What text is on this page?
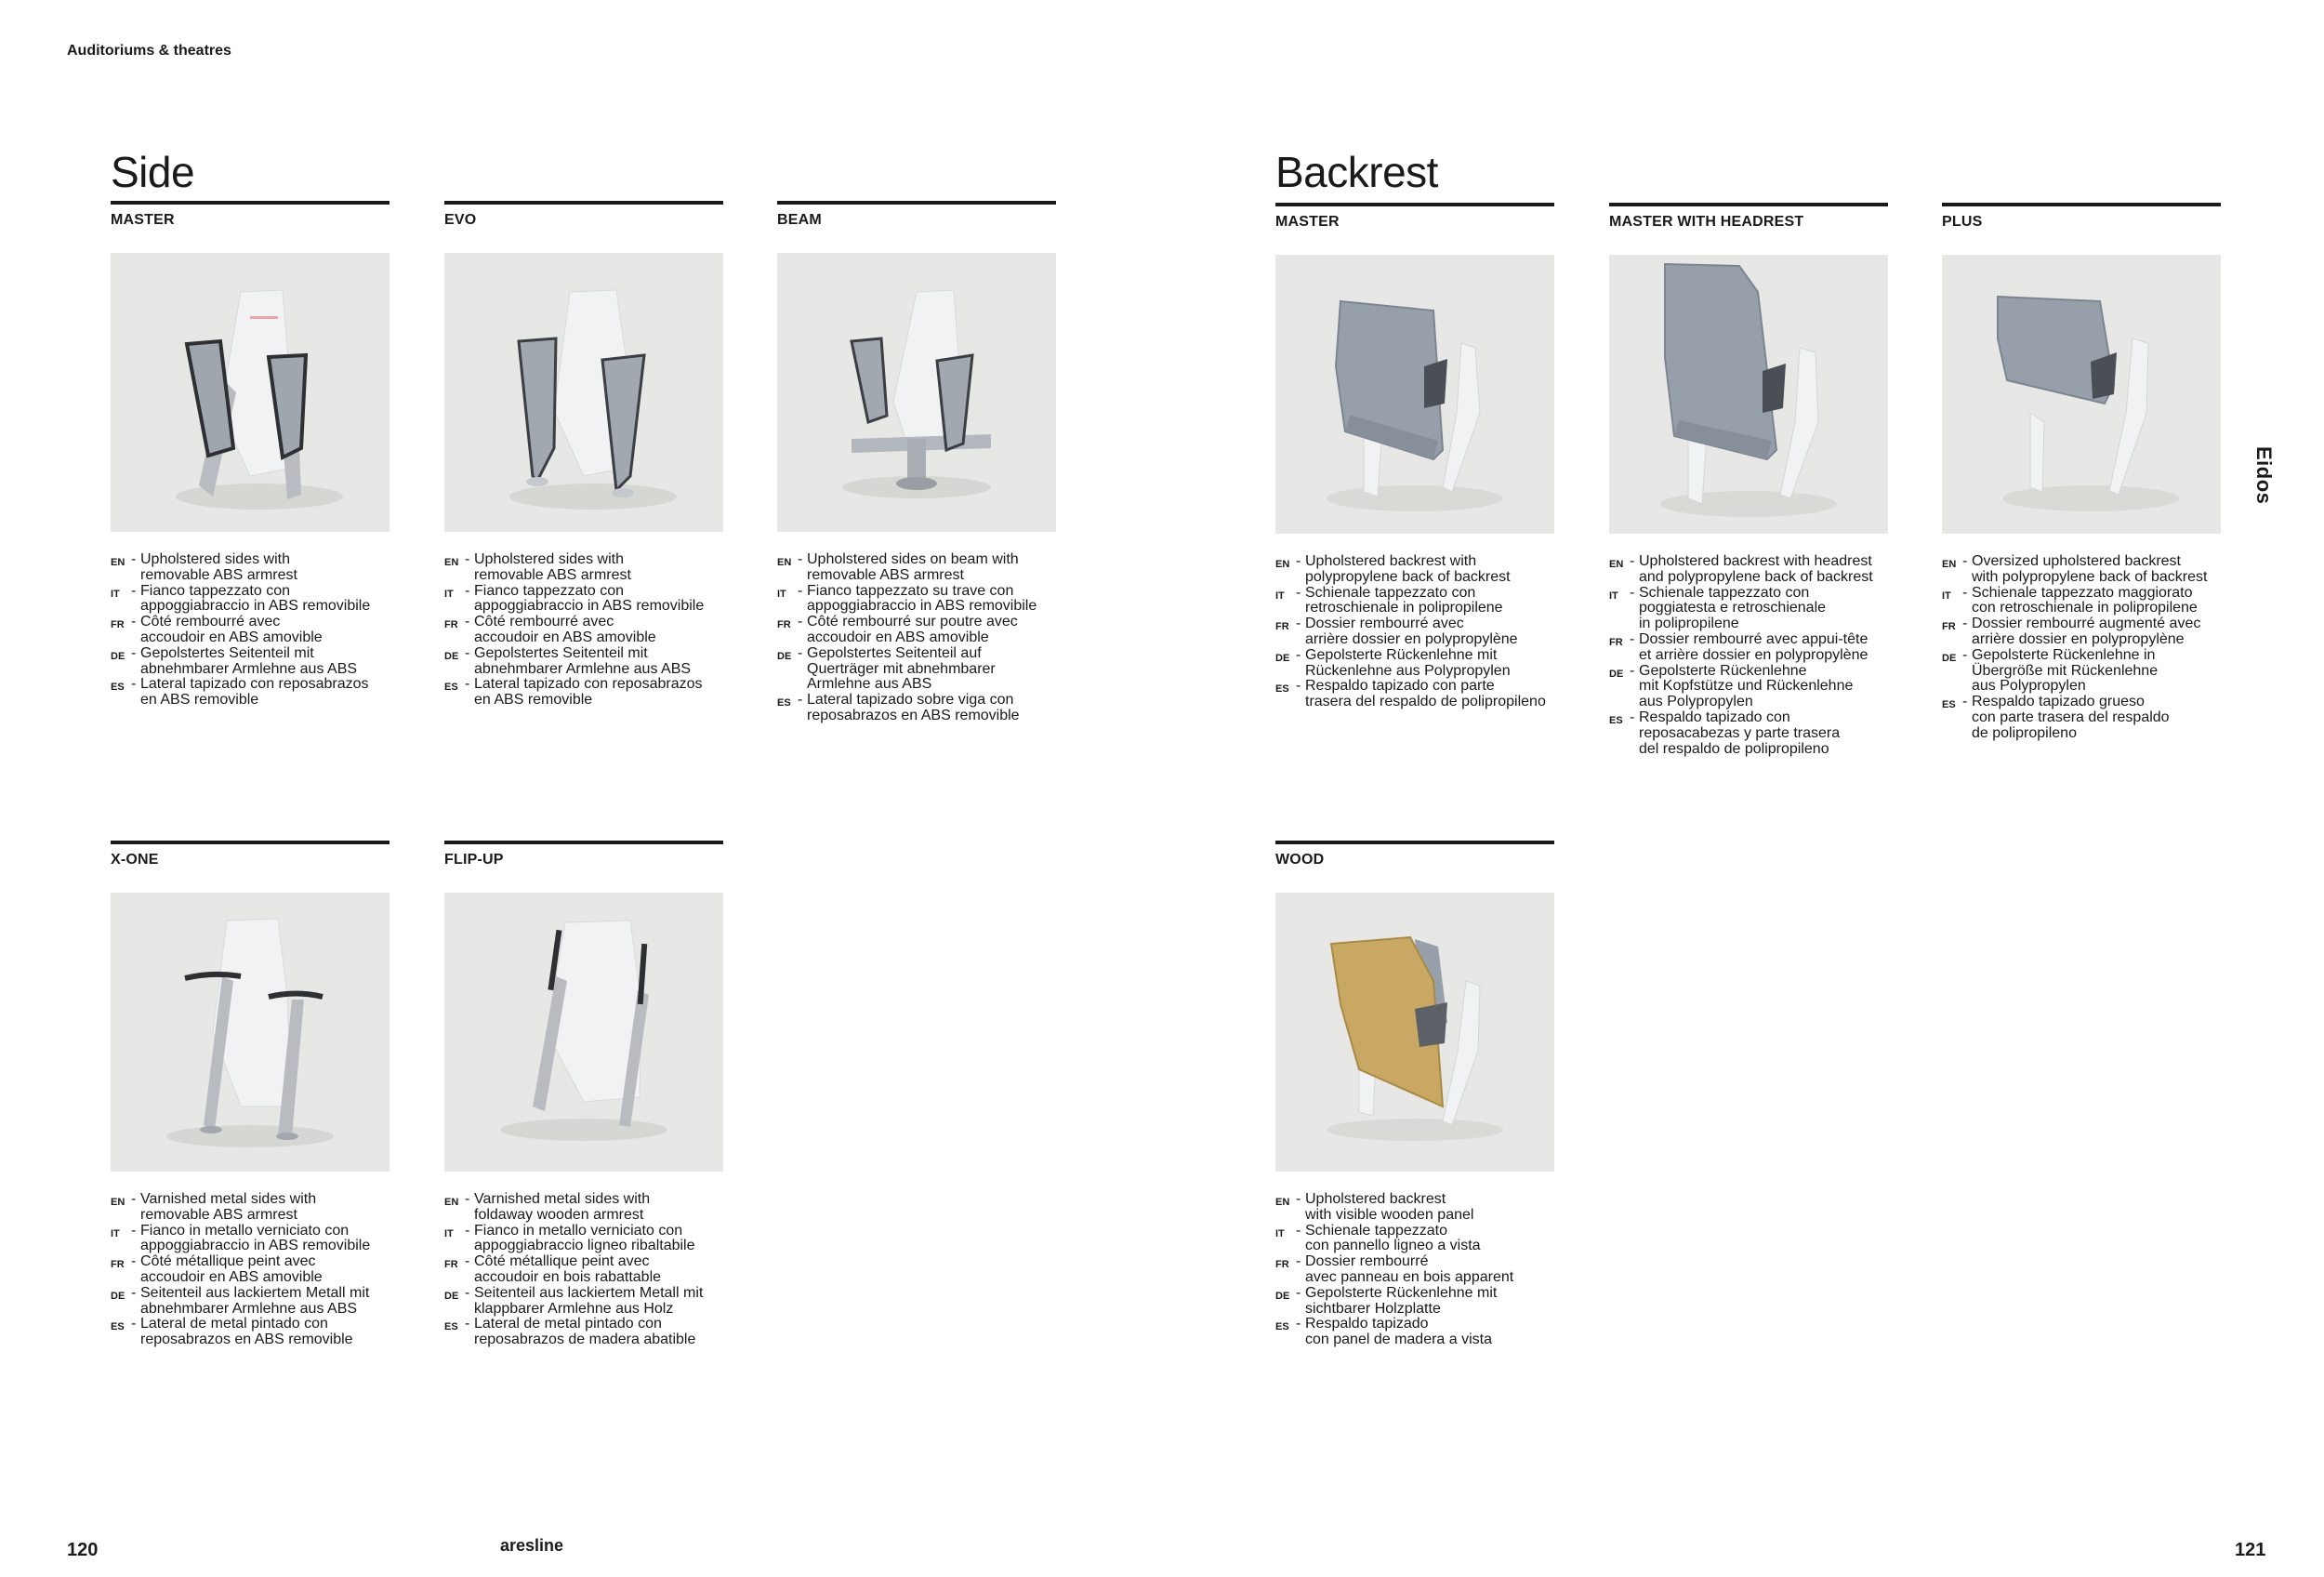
Auditoriums & theatres
Side	Backrest
MASTER
EN - Upholstered sides with
removable ABS armrest
IT - Fianco tappezzato con
appoggiabraccio in ABS removibile
FR - Côté rembourré avec
accoudoir en ABS amovible
DE - Gepolstertes Seitenteil mit
abnehmbarer Armlehne aus ABS
ES - Lateral tapizado con reposabrazos
en ABS removible
EVO
EN - Upholstered sides with
removable ABS armrest
IT - Fianco tappezzato con
appoggiabraccio in ABS removibile
FR - Côté rembourré avec
accoudoir en ABS amovible
DE - Gepolstertes Seitenteil mit
abnehmbarer Armlehne aus ABS
ES - Lateral tapizado con reposabrazos
en ABS removible
BEAM
EN - Upholstered sides on beam with
removable ABS armrest
IT - Fianco tappezzato su trave con
appoggiabraccio in ABS removibile
FR - Côté rembourré sur poutre avec
accoudoir en ABS amovible
DE - Gepolstertes Seitenteil auf
Querträger mit abnehmbarer
Armlehne aus ABS
ES - Lateral tapizado sobre viga con
reposabrazos en ABS removible
MASTER
EN - Upholstered backrest with
polypropylene back of backrest
IT - Schienale tappezzato con
retroschienale in polipropilene
FR - Dossier rembourré avec
arrière dossier en polypropylène
DE - Gepolsterte Rückenlehne mit
Rückenlehne aus Polypropylen
ES - Respaldo tapizado con parte
trasera del respaldo de polipropileno
MASTER WITH HEADREST
EN - Upholstered backrest with headrest
and polypropylene back of backrest
IT - Schienale tappezzato con
poggiatesta e retroschienale
in polipropilene
FR - Dossier rembourré avec appui-tête
et arrière dossier en polypropylène
DE - Gepolsterte Rückenlehne
mit Kopfstütze und Rückenlehne
aus Polypropylen
ES - Respaldo tapizado con
reposacabezas y parte trasera
del respaldo de polipropileno
PLUS
EN - Oversized upholstered backrest
with polypropylene back of backrest
IT - Schienale tappezzato maggiorato
con retroschienale in polipropilene
FR - Dossier rembourré augmenté avec
arrière dossier en polypropylène
DE - Gepolsterte Rückenlehne in
Übergröße mit Rückenlehne
aus Polypropylen
ES - Respaldo tapizado grueso
con parte trasera del respaldo
de polipropileno
X-ONE
EN - Varnished metal sides with
removable ABS armrest
IT - Fianco in metallo verniciato con
appoggiabraccio in ABS removibile
FR - Côté métallique peint avec
accoudoir en ABS amovible
DE - Seitenteil aus lackiertem Metall mit
abnehmbarer Armlehne aus ABS
ES - Lateral de metal pintado con
reposabrazos en ABS removible
FLIP-UP
EN - Varnished metal sides with
foldaway wooden armrest
IT - Fianco in metallo verniciato con
appoggiabraccio ligneo ribaltabile
FR - Côté métallique peint avec
accoudoir en bois rabattable
DE - Seitenteil aus lackiertem Metall mit
klappbarer Armlehne aus Holz
ES - Lateral de metal pintado con
reposabrazos de madera abatible
WOOD
EN - Upholstered backrest
with visible wooden panel
IT - Schienale tappezzato
con pannello ligneo a vista
FR - Dossier rembourré
avec panneau en bois apparent
DE - Gepolsterte Rückenlehne mit
sichtbarer Holzplatte
ES - Respaldo tapizado
con panel de madera a vista
Eidos
120	aresline	121
